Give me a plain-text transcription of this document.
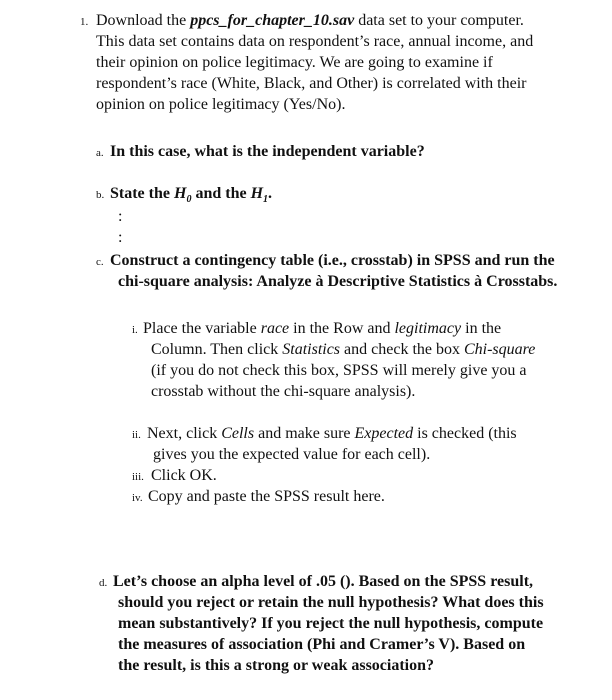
1. Download the ppcs_for_chapter_10.sav data set to your computer. This data set contains data on respondent’s race, annual income, and their opinion on police legitimacy. We are going to examine if respondent’s race (White, Black, and Other) is correlated with their opinion on police legitimacy (Yes/No).

a. In this case, what is the independent variable?

b. State the $H_0$ and the $H_1$.

:
:
c. Construct a contingency table (i.e., crosstab) in SPSS and run the chi-square analysis: Analyze à Descriptive Statistics à Crosstabs.

i. Place the variable race in the Row and legitimacy in the Column. Then click Statistics and check the box Chi-square (if you do not check this box, SPSS will merely give you a crosstab without the chi-square analysis).

ii. Next, click Cells and make sure Expected is checked (this gives you the expected value for each cell).

iii. Click OK.

iv. Copy and paste the SPSS result here.

d. Let’s choose an alpha level of .05 (). Based on the SPSS result, should you reject or retain the null hypothesis? What does this mean substantively? If you reject the null hypothesis, compute the measures of association (Phi and Cramer’s V). Based on the result, is this a strong or weak association?
